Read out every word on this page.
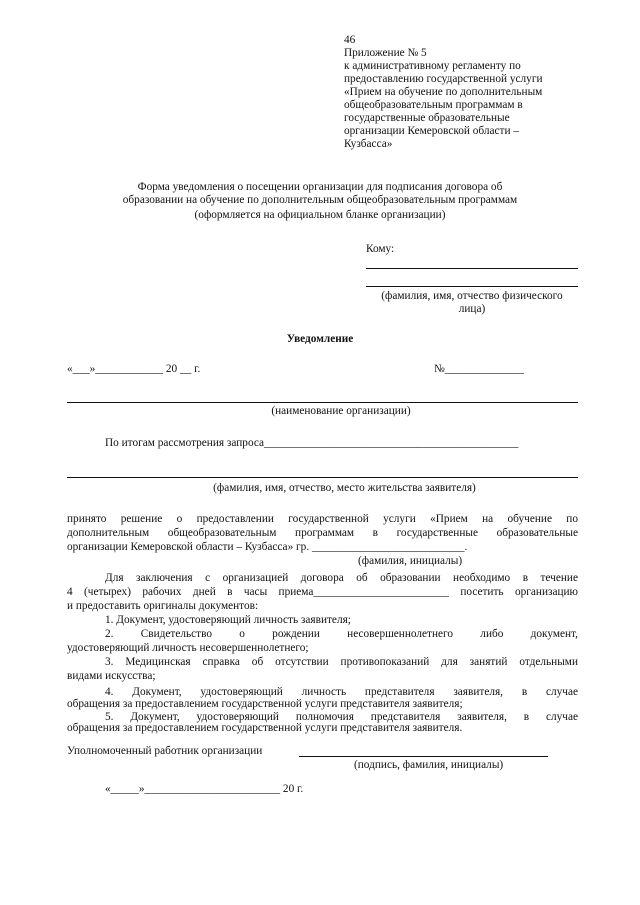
46
Приложение № 5
к административному регламенту по
предоставлению государственной услуги
«Прием на обучение по дополнительным
общеобразовательным программам в
государственные образовательные
организации Кемеровской области –
Кузбасса»
Форма уведомления о посещении организации для подписания договора об
образовании на обучение по дополнительным общеобразовательным программам
(оформляется на официальном бланке организации)
Кому:
(фамилия, имя, отчество физического
лица)
Уведомление
«___»____________ 20 __ г.	№______________
(наименование организации)
По итогам рассмотрения запроса_____________________________________________
(фамилия, имя, отчество, место жительства заявителя)
принято решение о предоставлении государственной услуги «Прием на обучение по
дополнительным общеобразовательным программам в государственные образовательные
организации Кемеровской области – Кузбасса» гр. ___________________________.
(фамилия, инициалы)
Для заключения с организацией договора об образовании необходимо в течение
4 (четырех) рабочих дней в часы приема________________________ посетить организацию
и предоставить оригиналы документов:
1. Документ, удостоверяющий личность заявителя;
2. Свидетельство о рождении несовершеннолетнего либо документ,
удостоверяющий личность несовершеннолетнего;
3. Медицинская справка об отсутствии противопоказаний для занятий отдельными
видами искусства;
4. Документ, удостоверяющий личность представителя заявителя, в случае
обращения за предоставлением государственной услуги представителя заявителя;
5. Документ, удостоверяющий полномочия представителя заявителя, в случае
обращения за предоставлением государственной услуги представителя заявителя.
Уполномоченный работник организации
(подпись, фамилия, инициалы)
«_____»________________________ 20 г.
